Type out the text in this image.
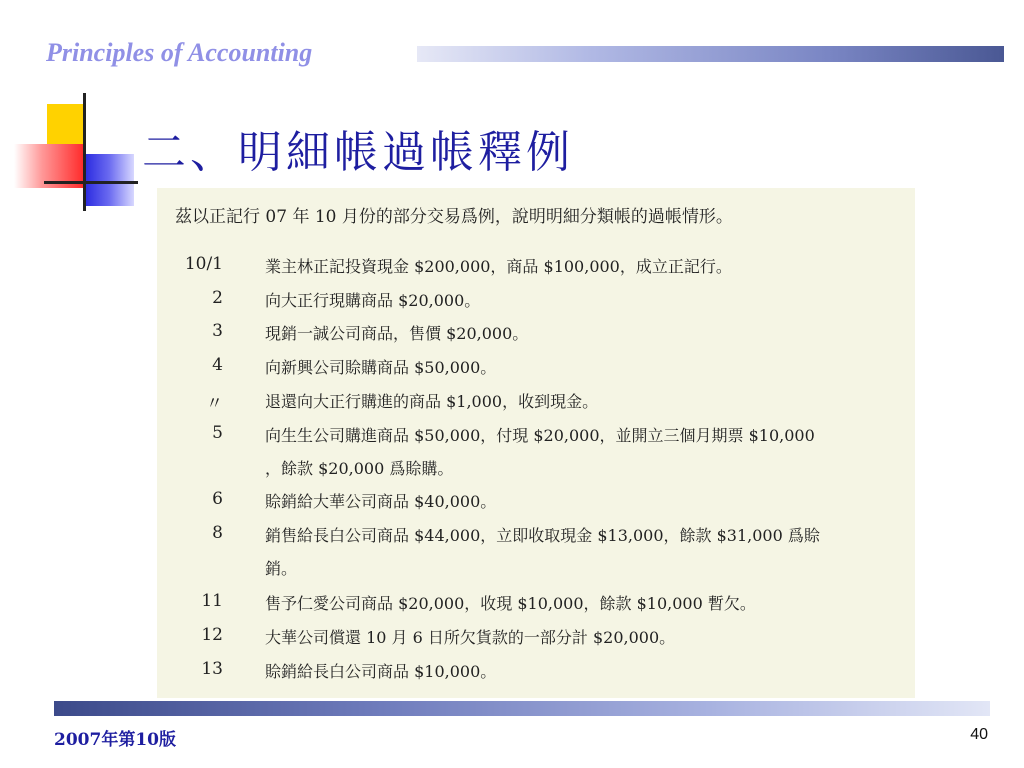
Principles of Accounting
二、明細帳過帳釋例
茲以正記行 07 年 10 月份的部分交易爲例，說明明細分類帳的過帳情形。
10/1	業主林正記投資現金 $200,000，商品 $100,000，成立正記行。
2	向大正行現購商品 $20,000。
3	現銷一誠公司商品，售價 $20,000。
4	向新興公司賒購商品 $50,000。
〃	退還向大正行購進的商品 $1,000，收到現金。
5	向生生公司購進商品 $50,000，付現 $20,000，並開立三個月期票 $10,000
，餘款 $20,000 爲賒購。
6	賒銷給大華公司商品 $40,000。
8	銷售給長白公司商品 $44,000，立即收取現金 $13,000，餘款 $31,000 爲賒
銷。
11	售予仁愛公司商品 $20,000，收現 $10,000，餘款 $10,000 暫欠。
12	大華公司償還 10 月 6 日所欠貨款的一部分計 $20,000。
13	賒銷給長白公司商品 $10,000。
2007年第10版	40
